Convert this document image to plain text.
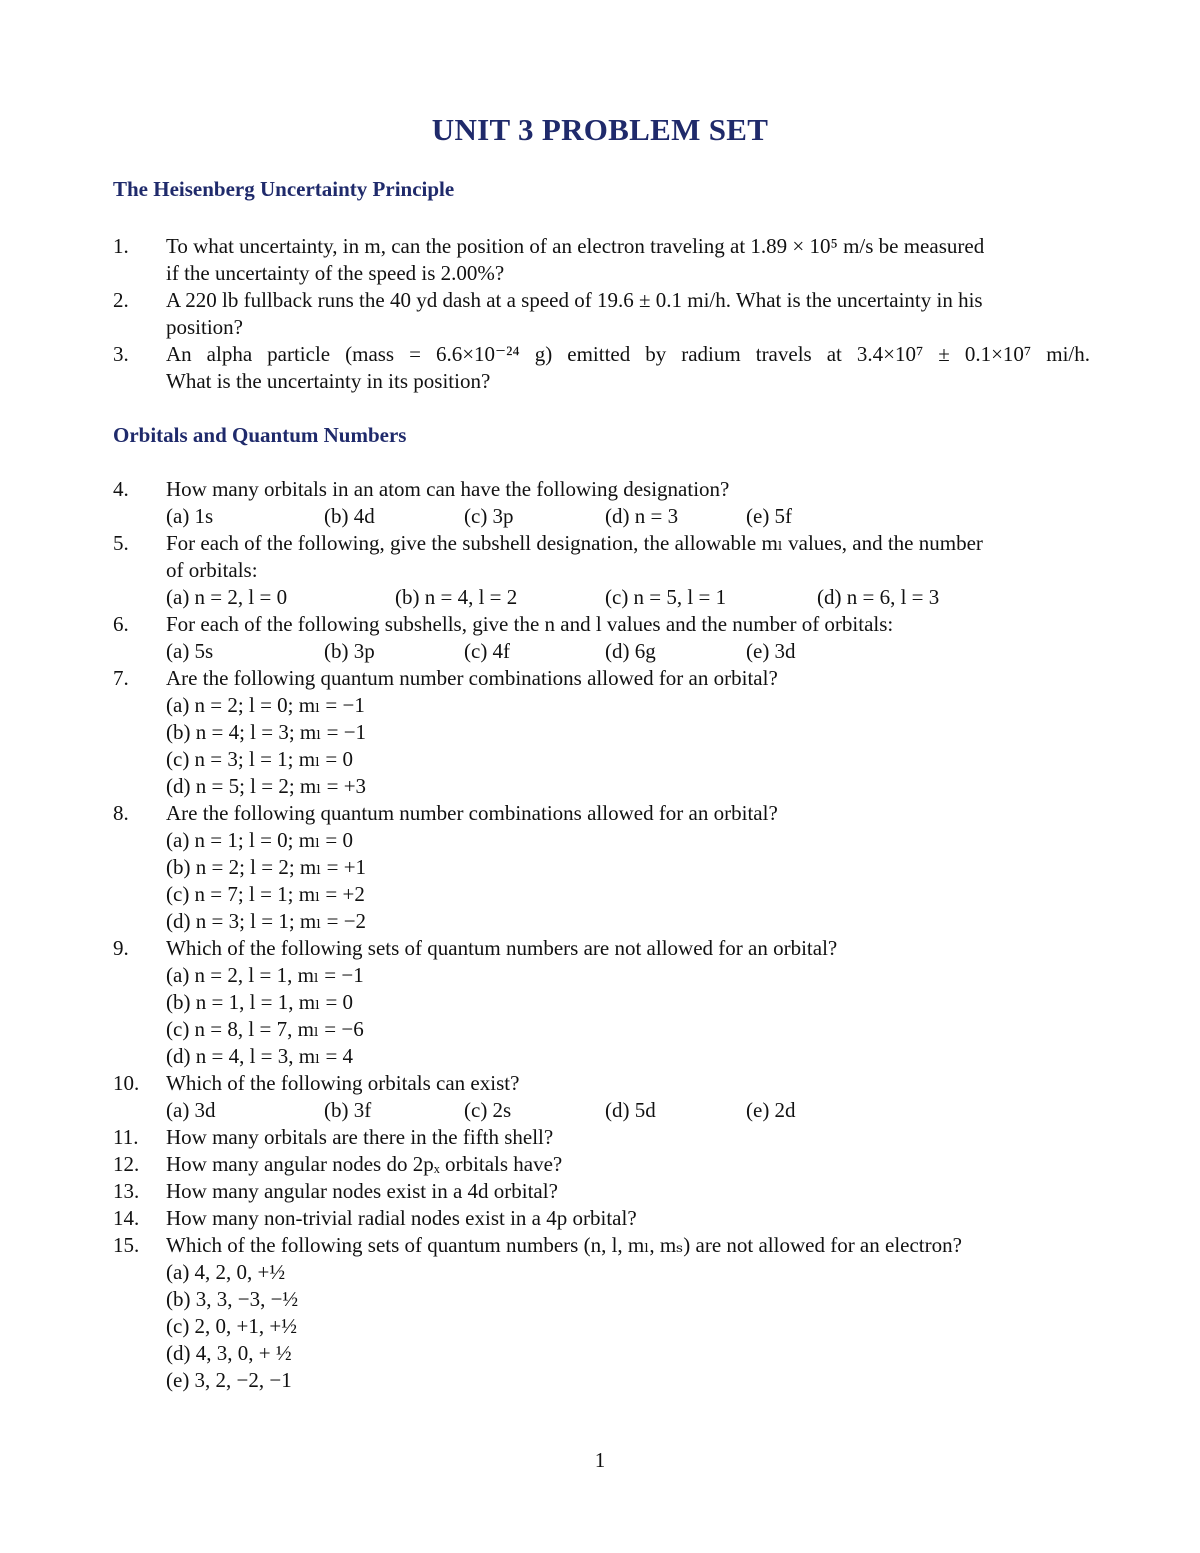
UNIT 3 PROBLEM SET
The Heisenberg Uncertainty Principle
1. To what uncertainty, in m, can the position of an electron traveling at 1.89 × 10⁵ m/s be measured
if the uncertainty of the speed is 2.00%?
2. A 220 lb fullback runs the 40 yd dash at a speed of 19.6 ± 0.1 mi/h. What is the uncertainty in his
position?
3. An alpha particle (mass = 6.6×10⁻²⁴ g) emitted by radium travels at 3.4×10⁷ ± 0.1×10⁷ mi/h.
What is the uncertainty in its position?
Orbitals and Quantum Numbers
4. How many orbitals in an atom can have the following designation?
(a) 1s	(b) 4d	(c) 3p	(d) n = 3	(e) 5f
5. For each of the following, give the subshell designation, the allowable mₗ values, and the number
of orbitals:
(a) n = 2, l = 0	(b) n = 4, l = 2	(c) n = 5, l = 1	(d) n = 6, l = 3
6. For each of the following subshells, give the n and l values and the number of orbitals:
(a) 5s	(b) 3p	(c) 4f	(d) 6g	(e) 3d
7. Are the following quantum number combinations allowed for an orbital?
(a) n = 2; l = 0; mₗ = −1
(b) n = 4; l = 3; mₗ = −1
(c) n = 3; l = 1; mₗ = 0
(d) n = 5; l = 2; mₗ = +3
8. Are the following quantum number combinations allowed for an orbital?
(a) n = 1; l = 0; mₗ = 0
(b) n = 2; l = 2; mₗ = +1
(c) n = 7; l = 1; mₗ = +2
(d) n = 3; l = 1; mₗ = −2
9. Which of the following sets of quantum numbers are not allowed for an orbital?
(a) n = 2, l = 1, mₗ = −1
(b) n = 1, l = 1, mₗ = 0
(c) n = 8, l = 7, mₗ = −6
(d) n = 4, l = 3, mₗ = 4
10. Which of the following orbitals can exist?
(a) 3d	(b) 3f	(c) 2s	(d) 5d	(e) 2d
11. How many orbitals are there in the fifth shell?
12. How many angular nodes do 2pₓ orbitals have?
13. How many angular nodes exist in a 4d orbital?
14. How many non-trivial radial nodes exist in a 4p orbital?
15. Which of the following sets of quantum numbers (n, l, mₗ, mₛ) are not allowed for an electron?
(a) 4, 2, 0, +½
(b) 3, 3, −3, −½
(c) 2, 0, +1, +½
(d) 4, 3, 0, + ½
(e) 3, 2, −2, −1
1
